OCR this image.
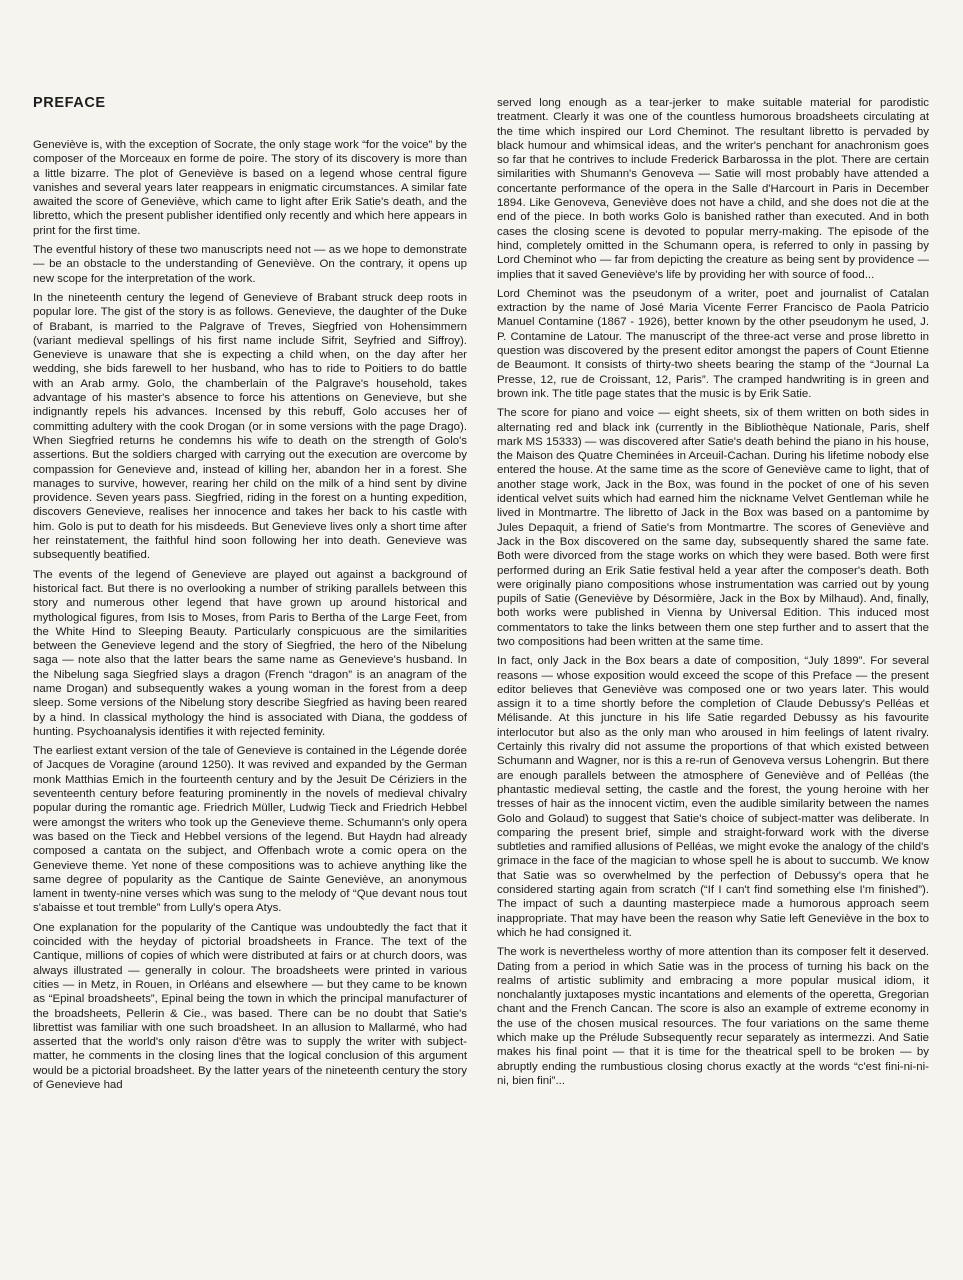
PREFACE

Geneviève is, with the exception of Socrate, the only stage work “for the voice” by the composer of the Morceaux en forme de poire. The story of its discovery is more than a little bizarre. The plot of Geneviève is based on a legend whose central figure vanishes and several years later reappears in enigmatic circumstances. A similar fate awaited the score of Geneviève, which came to light after Erik Satie's death, and the libretto, which the present publisher identified only recently and which here appears in print for the first time.

The eventful history of these two manuscripts need not — as we hope to demonstrate — be an obstacle to the understanding of Geneviève. On the contrary, it opens up new scope for the interpretation of the work.

In the nineteenth century the legend of Genevieve of Brabant struck deep roots in popular lore. The gist of the story is as follows. Genevieve, the daughter of the Duke of Brabant, is married to the Palgrave of Treves, Siegfried von Hohensimmern (variant medieval spellings of his first name include Sifrit, Seyfried and Siffroy). Genevieve is unaware that she is expecting a child when, on the day after her wedding, she bids farewell to her husband, who has to ride to Poitiers to do battle with an Arab army. Golo, the chamberlain of the Palgrave's household, takes advantage of his master's absence to force his attentions on Genevieve, but she indignantly repels his advances. Incensed by this rebuff, Golo accuses her of committing adultery with the cook Drogan (or in some versions with the page Drago). When Siegfried returns he condemns his wife to death on the strength of Golo's assertions. But the soldiers charged with carrying out the execution are overcome by compassion for Genevieve and, instead of killing her, abandon her in a forest. She manages to survive, however, rearing her child on the milk of a hind sent by divine providence. Seven years pass. Siegfried, riding in the forest on a hunting expedition, discovers Genevieve, realises her innocence and takes her back to his castle with him. Golo is put to death for his misdeeds. But Genevieve lives only a short time after her reinstatement, the faithful hind soon following her into death. Genevieve was subsequently beatified.

The events of the legend of Genevieve are played out against a background of historical fact. But there is no overlooking a number of striking parallels between this story and numerous other legend that have grown up around historical and mythological figures, from Isis to Moses, from Paris to Bertha of the Large Feet, from the White Hind to Sleeping Beauty. Particularly conspicuous are the similarities between the Genevieve legend and the story of Siegfried, the hero of the Nibelung saga — note also that the latter bears the same name as Genevieve's husband. In the Nibelung saga Siegfried slays a dragon (French “dragon” is an anagram of the name Drogan) and subsequently wakes a young woman in the forest from a deep sleep. Some versions of the Nibelung story describe Siegfried as having been reared by a hind. In classical mythology the hind is associated with Diana, the goddess of hunting. Psychoanalysis identifies it with rejected feminity.

The earliest extant version of the tale of Genevieve is contained in the Légende dorée of Jacques de Voragine (around 1250). It was revived and expanded by the German monk Matthias Emich in the fourteenth century and by the Jesuit De Cériziers in the seventeenth century before featuring prominently in the novels of medieval chivalry popular during the romantic age. Friedrich Müller, Ludwig Tieck and Friedrich Hebbel were amongst the writers who took up the Genevieve theme. Schumann's only opera was based on the Tieck and Hebbel versions of the legend. But Haydn had already composed a cantata on the subject, and Offenbach wrote a comic opera on the Genevieve theme. Yet none of these compositions was to achieve anything like the same degree of popularity as the Cantique de Sainte Geneviève, an anonymous lament in twenty-nine verses which was sung to the melody of “Que devant nous tout s'abaisse et tout tremble” from Lully's opera Atys.

One explanation for the popularity of the Cantique was undoubtedly the fact that it coincided with the heyday of pictorial broadsheets in France. The text of the Cantique, millions of copies of which were distributed at fairs or at church doors, was always illustrated — generally in colour. The broadsheets were printed in various cities — in Metz, in Rouen, in Orléans and elsewhere — but they came to be known as “Epinal broadsheets”, Epinal being the town in which the principal manufacturer of the broadsheets, Pellerin & Cie., was based. There can be no doubt that Satie's librettist was familiar with one such broadsheet. In an allusion to Mallarmé, who had asserted that the world's only raison d'être was to supply the writer with subject-matter, he comments in the closing lines that the logical conclusion of this argument would be a pictorial broadsheet. By the latter years of the nineteenth century the story of Genevieve had

served long enough as a tear-jerker to make suitable material for parodistic treatment. Clearly it was one of the countless humorous broadsheets circulating at the time which inspired our Lord Cheminot. The resultant libretto is pervaded by black humour and whimsical ideas, and the writer's penchant for anachronism goes so far that he contrives to include Frederick Barbarossa in the plot. There are certain similarities with Shumann's Genoveva — Satie will most probably have attended a concertante performance of the opera in the Salle d'Harcourt in Paris in December 1894. Like Genoveva, Geneviève does not have a child, and she does not die at the end of the piece. In both works Golo is banished rather than executed. And in both cases the closing scene is devoted to popular merry-making. The episode of the hind, completely omitted in the Schumann opera, is referred to only in passing by Lord Cheminot who — far from depicting the creature as being sent by providence — implies that it saved Geneviève's life by providing her with source of food...

Lord Cheminot was the pseudonym of a writer, poet and journalist of Catalan extraction by the name of José Maria Vicente Ferrer Francisco de Paola Patricio Manuel Contamine (1867 - 1926), better known by the other pseudonym he used, J. P. Contamine de Latour. The manuscript of the three-act verse and prose libretto in question was discovered by the present editor amongst the papers of Count Etienne de Beaumont. It consists of thirty-two sheets bearing the stamp of the “Journal La Presse, 12, rue de Croissant, 12, Paris”. The cramped handwriting is in green and brown ink. The title page states that the music is by Erik Satie.

The score for piano and voice — eight sheets, six of them written on both sides in alternating red and black ink (currently in the Bibliothèque Nationale, Paris, shelf mark MS 15333) — was discovered after Satie's death behind the piano in his house, the Maison des Quatre Cheminées in Arceuil-Cachan. During his lifetime nobody else entered the house. At the same time as the score of Geneviève came to light, that of another stage work, Jack in the Box, was found in the pocket of one of his seven identical velvet suits which had earned him the nickname Velvet Gentleman while he lived in Montmartre. The libretto of Jack in the Box was based on a pantomime by Jules Depaquit, a friend of Satie's from Montmartre. The scores of Geneviève and Jack in the Box discovered on the same day, subsequently shared the same fate. Both were divorced from the stage works on which they were based. Both were first performed during an Erik Satie festival held a year after the composer's death. Both were originally piano compositions whose instrumentation was carried out by young pupils of Satie (Geneviève by Désormière, Jack in the Box by Milhaud). And, finally, both works were published in Vienna by Universal Edition. This induced most commentators to take the links between them one step further and to assert that the two compositions had been written at the same time.

In fact, only Jack in the Box bears a date of composition, “July 1899”. For several reasons — whose exposition would exceed the scope of this Preface — the present editor believes that Geneviève was composed one or two years later. This would assign it to a time shortly before the completion of Claude Debussy's Pelléas et Mélisande. At this juncture in his life Satie regarded Debussy as his favourite interlocutor but also as the only man who aroused in him feelings of latent rivalry. Certainly this rivalry did not assume the proportions of that which existed between Schumann and Wagner, nor is this a re-run of Genoveva versus Lohengrin. But there are enough parallels between the atmosphere of Geneviève and of Pelléas (the phantastic medieval setting, the castle and the forest, the young heroine with her tresses of hair as the innocent victim, even the audible similarity between the names Golo and Golaud) to suggest that Satie's choice of subject-matter was deliberate. In comparing the present brief, simple and straight-forward work with the diverse subtleties and ramified allusions of Pelléas, we might evoke the analogy of the child's grimace in the face of the magician to whose spell he is about to succumb. We know that Satie was so overwhelmed by the perfection of Debussy's opera that he considered starting again from scratch (“If I can't find something else I'm finished”). The impact of such a daunting masterpiece made a humorous approach seem inappropriate. That may have been the reason why Satie left Geneviève in the box to which he had consigned it.

The work is nevertheless worthy of more attention than its composer felt it deserved. Dating from a period in which Satie was in the process of turning his back on the realms of artistic sublimity and embracing a more popular musical idiom, it nonchalantly juxtaposes mystic incantations and elements of the operetta, Gregorian chant and the French Cancan. The score is also an example of extreme economy in the use of the chosen musical resources. The four variations on the same theme which make up the Prélude Subsequently recur separately as intermezzi. And Satie makes his final point — that it is time for the theatrical spell to be broken — by abruptly ending the rumbustious closing chorus exactly at the words “c'est fini-ni-ni-ni, bien fini”...
